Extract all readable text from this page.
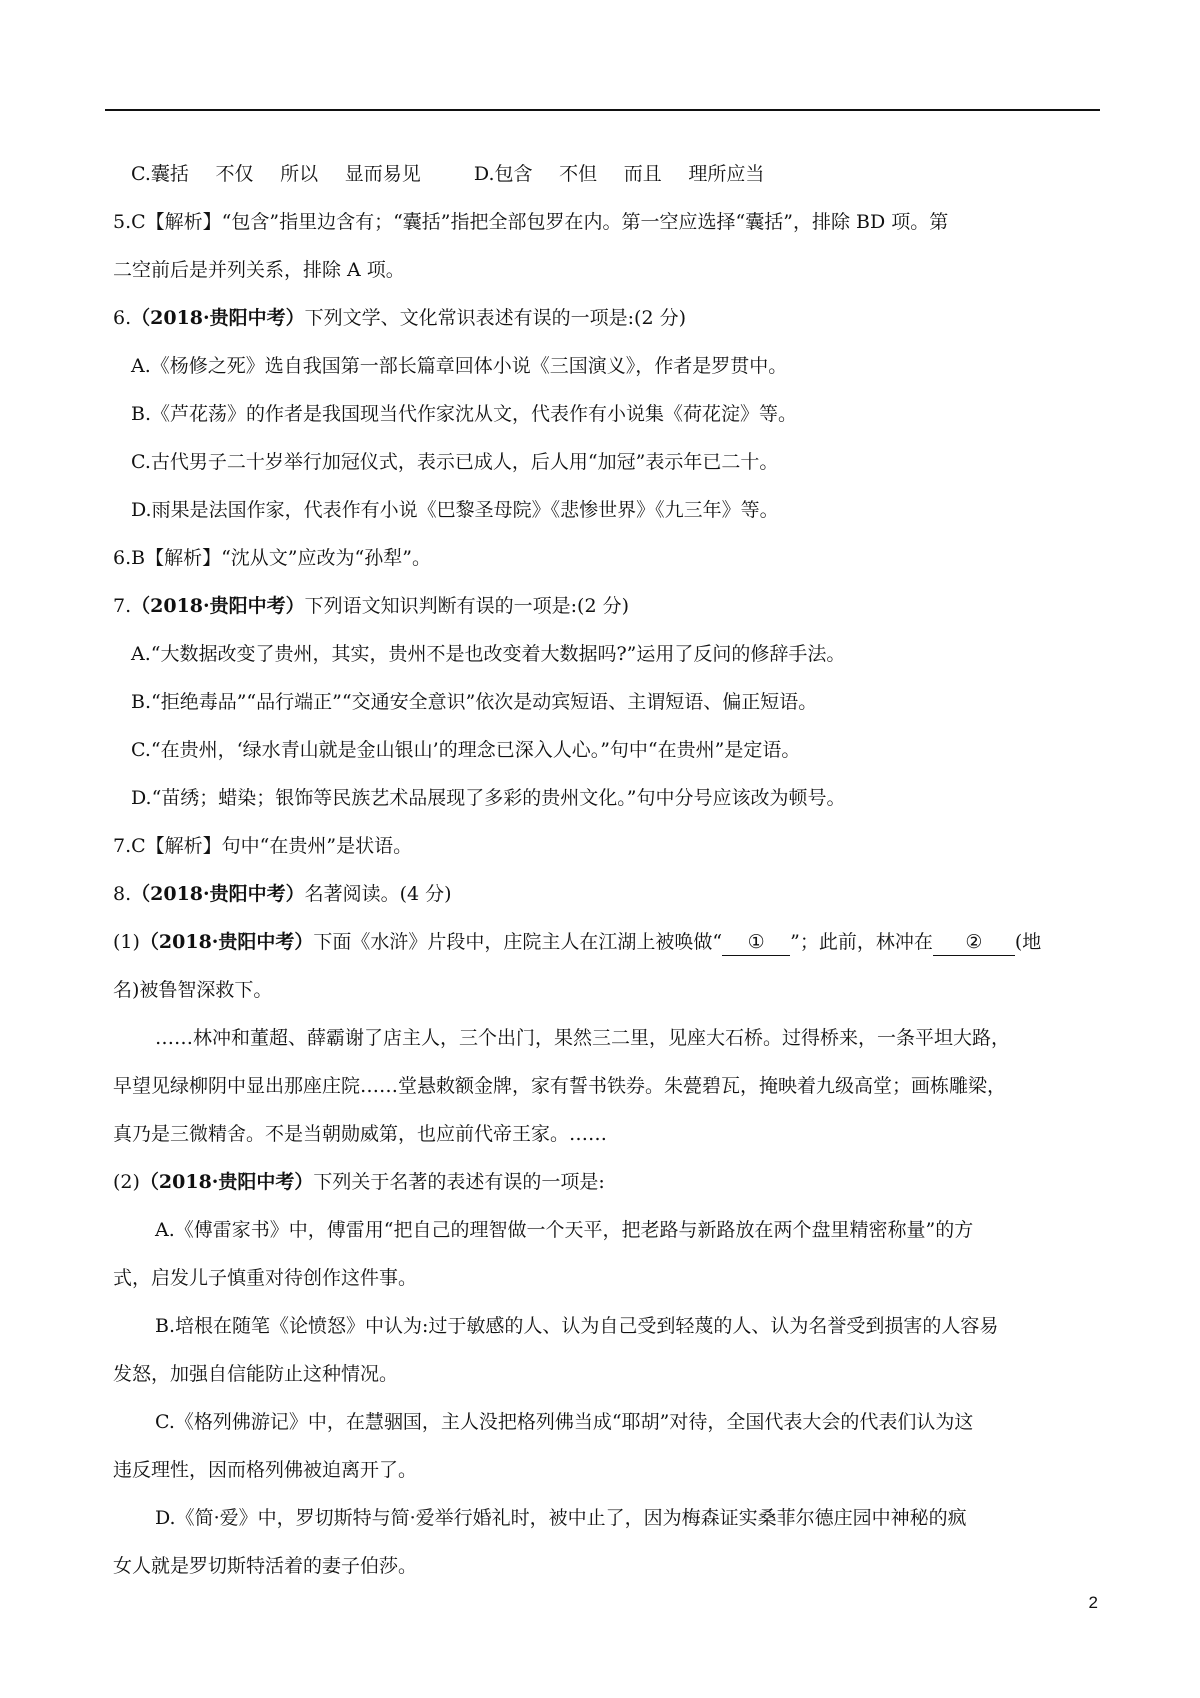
C.囊括 不仅 所以 显而易见	D.包含 不但 而且 理所应当

5.C【解析】“包含”指里边含有；“囊括”指把全部包罗在内。第一空应选择“囊括”，排除 BD 项。第

二空前后是并列关系，排除 A 项。

6.（2018·贵阳中考）下列文学、文化常识表述有误的一项是:(2 分)

A.《杨修之死》选自我国第一部长篇章回体小说《三国演义》，作者是罗贯中。

B.《芦花荡》的作者是我国现当代作家沈从文，代表作有小说集《荷花淀》等。

C.古代男子二十岁举行加冠仪式，表示已成人，后人用“加冠”表示年已二十。

D.雨果是法国作家，代表作有小说《巴黎圣母院》《悲惨世界》《九三年》等。

6.B【解析】“沈从文”应改为“孙犁”。

7.（2018·贵阳中考）下列语文知识判断有误的一项是:(2 分)

A.“大数据改变了贵州，其实，贵州不是也改变着大数据吗?”运用了反问的修辞手法。

B.“拒绝毒品”“品行端正”“交通安全意识”依次是动宾短语、主谓短语、偏正短语。

C.“在贵州，‘绿水青山就是金山银山’的理念已深入人心。”句中“在贵州”是定语。

D.“苗绣；蜡染；银饰等民族艺术品展现了多彩的贵州文化。”句中分号应该改为顿号。

7.C【解析】句中“在贵州”是状语。

8.（2018·贵阳中考）名著阅读。(4 分)

(1)（2018·贵阳中考）下面《水浒》片段中，庄院主人在江湖上被唤做“ ① ”；此前，林冲在 ② (地

名)被鲁智深救下。

……林冲和董超、薛霸谢了店主人，三个出门，果然三二里，见座大石桥。过得桥来，一条平坦大路，

早望见绿柳阴中显出那座庄院……堂悬敕额金牌，家有誓书铁券。朱甍碧瓦，掩映着九级高堂；画栋雕梁，

真乃是三微精舍。不是当朝勋威第，也应前代帝王家。……

(2)（2018·贵阳中考）下列关于名著的表述有误的一项是:

A.《傅雷家书》中，傅雷用“把自己的理智做一个天平，把老路与新路放在两个盘里精密称量”的方

式，启发儿子慎重对待创作这件事。

B.培根在随笔《论愤怒》中认为:过于敏感的人、认为自己受到轻蔑的人、认为名誉受到损害的人容易

发怒，加强自信能防止这种情况。

C.《格列佛游记》中，在慧骃国，主人没把格列佛当成“耶胡”对待，全国代表大会的代表们认为这

违反理性，因而格列佛被迫离开了。

D.《简·爱》中，罗切斯特与简·爱举行婚礼时，被中止了，因为梅森证实桑菲尔德庄园中神秘的疯

女人就是罗切斯特活着的妻子伯莎。

2
